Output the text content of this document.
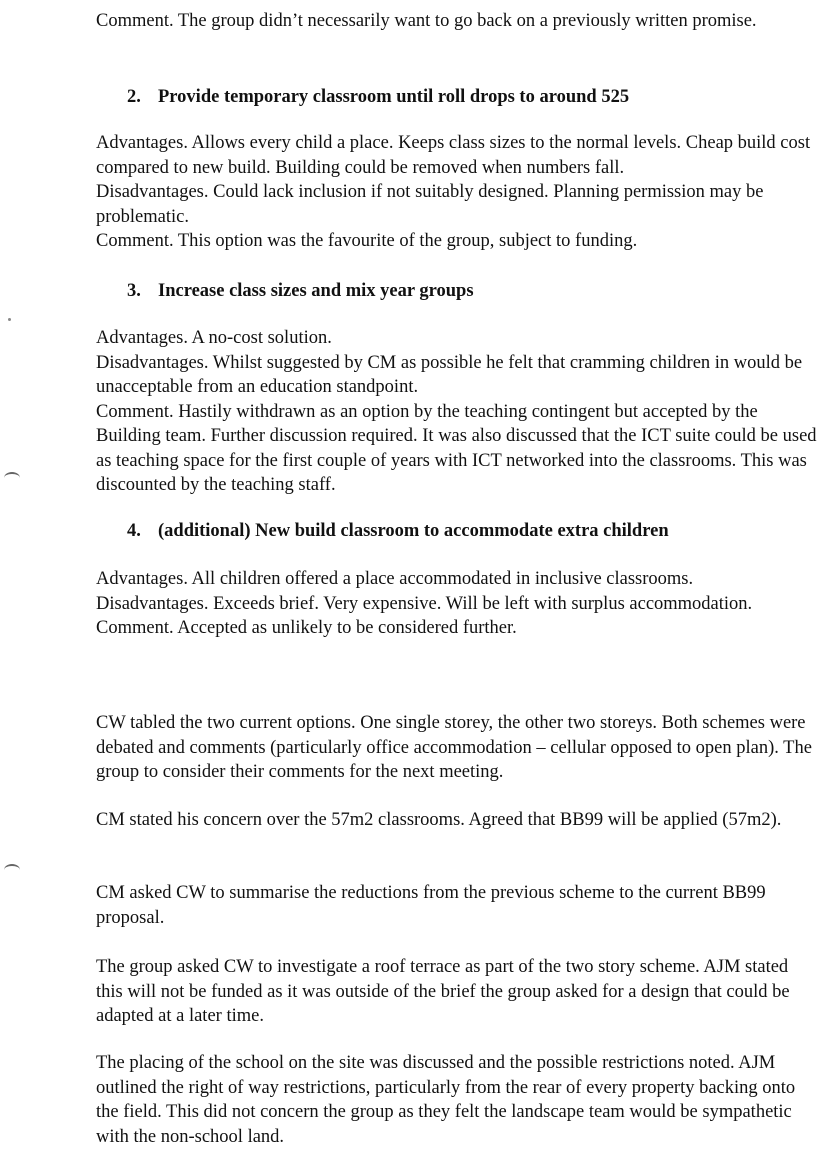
Comment. The group didn’t necessarily want to go back on a previously written promise.

2. Provide temporary classroom until roll drops to around 525

Advantages. Allows every child a place. Keeps class sizes to the normal levels. Cheap build cost compared to new build. Building could be removed when numbers fall.

Disadvantages. Could lack inclusion if not suitably designed. Planning permission may be problematic.

Comment. This option was the favourite of the group, subject to funding.

3. Increase class sizes and mix year groups

Advantages. A no-cost solution.

Disadvantages. Whilst suggested by CM as possible he felt that cramming children in would be unacceptable from an education standpoint.

Comment. Hastily withdrawn as an option by the teaching contingent but accepted by the Building team. Further discussion required. It was also discussed that the ICT suite could be used as teaching space for the first couple of years with ICT networked into the classrooms. This was discounted by the teaching staff.

4. (additional) New build classroom to accommodate extra children

Advantages. All children offered a place accommodated in inclusive classrooms.

Disadvantages. Exceeds brief. Very expensive. Will be left with surplus accommodation.

Comment. Accepted as unlikely to be considered further.

CW tabled the two current options. One single storey, the other two storeys. Both schemes were debated and comments (particularly office accommodation – cellular opposed to open plan). The group to consider their comments for the next meeting.

CM stated his concern over the 57m2 classrooms. Agreed that BB99 will be applied (57m2).

CM asked CW to summarise the reductions from the previous scheme to the current BB99 proposal.

The group asked CW to investigate a roof terrace as part of the two story scheme. AJM stated this will not be funded as it was outside of the brief the group asked for a design that could be adapted at a later time.

The placing of the school on the site was discussed and the possible restrictions noted. AJM outlined the right of way restrictions, particularly from the rear of every property backing onto the field. This did not concern the group as they felt the landscape team would be sympathetic with the non-school land.
